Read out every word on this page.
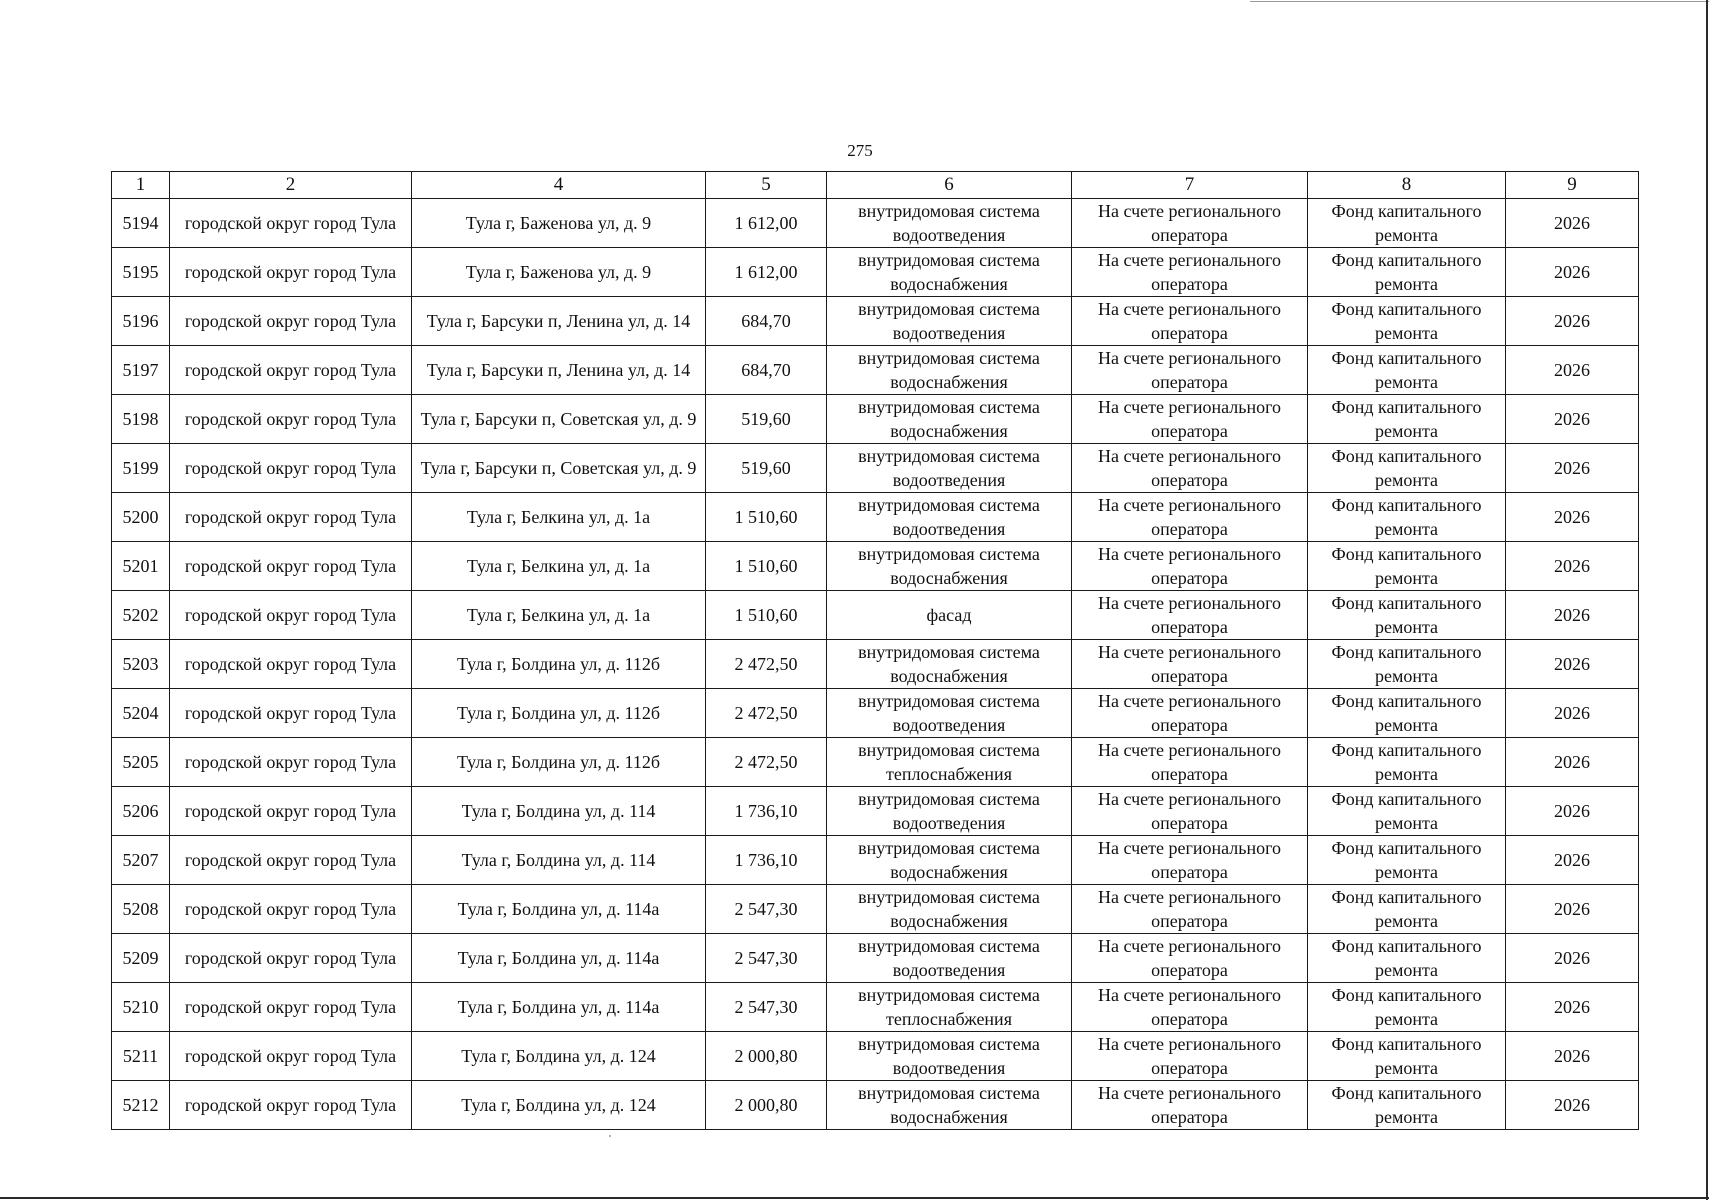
275
1	2	4	5	6	7	8	9
5194	городской округ город Тула	Тула г, Баженова ул, д. 9	1 612,00	внутридомовая система водоотведения	На счете регионального оператора	Фонд капитального ремонта	2026
5195	городской округ город Тула	Тула г, Баженова ул, д. 9	1 612,00	внутридомовая система водоснабжения	На счете регионального оператора	Фонд капитального ремонта	2026
5196	городской округ город Тула	Тула г, Барсуки п, Ленина ул, д. 14	684,70	внутридомовая система водоотведения	На счете регионального оператора	Фонд капитального ремонта	2026
5197	городской округ город Тула	Тула г, Барсуки п, Ленина ул, д. 14	684,70	внутридомовая система водоснабжения	На счете регионального оператора	Фонд капитального ремонта	2026
5198	городской округ город Тула	Тула г, Барсуки п, Советская ул, д. 9	519,60	внутридомовая система водоснабжения	На счете регионального оператора	Фонд капитального ремонта	2026
5199	городской округ город Тула	Тула г, Барсуки п, Советская ул, д. 9	519,60	внутридомовая система водоотведения	На счете регионального оператора	Фонд капитального ремонта	2026
5200	городской округ город Тула	Тула г, Белкина ул, д. 1а	1 510,60	внутридомовая система водоотведения	На счете регионального оператора	Фонд капитального ремонта	2026
5201	городской округ город Тула	Тула г, Белкина ул, д. 1а	1 510,60	внутридомовая система водоснабжения	На счете регионального оператора	Фонд капитального ремонта	2026
5202	городской округ город Тула	Тула г, Белкина ул, д. 1а	1 510,60	фасад	На счете регионального оператора	Фонд капитального ремонта	2026
5203	городской округ город Тула	Тула г, Болдина ул, д. 112б	2 472,50	внутридомовая система водоснабжения	На счете регионального оператора	Фонд капитального ремонта	2026
5204	городской округ город Тула	Тула г, Болдина ул, д. 112б	2 472,50	внутридомовая система водоотведения	На счете регионального оператора	Фонд капитального ремонта	2026
5205	городской округ город Тула	Тула г, Болдина ул, д. 112б	2 472,50	внутридомовая система теплоснабжения	На счете регионального оператора	Фонд капитального ремонта	2026
5206	городской округ город Тула	Тула г, Болдина ул, д. 114	1 736,10	внутридомовая система водоотведения	На счете регионального оператора	Фонд капитального ремонта	2026
5207	городской округ город Тула	Тула г, Болдина ул, д. 114	1 736,10	внутридомовая система водоснабжения	На счете регионального оператора	Фонд капитального ремонта	2026
5208	городской округ город Тула	Тула г, Болдина ул, д. 114а	2 547,30	внутридомовая система водоснабжения	На счете регионального оператора	Фонд капитального ремонта	2026
5209	городской округ город Тула	Тула г, Болдина ул, д. 114а	2 547,30	внутридомовая система водоотведения	На счете регионального оператора	Фонд капитального ремонта	2026
5210	городской округ город Тула	Тула г, Болдина ул, д. 114а	2 547,30	внутридомовая система теплоснабжения	На счете регионального оператора	Фонд капитального ремонта	2026
5211	городской округ город Тула	Тула г, Болдина ул, д. 124	2 000,80	внутридомовая система водоотведения	На счете регионального оператора	Фонд капитального ремонта	2026
5212	городской округ город Тула	Тула г, Болдина ул, д. 124	2 000,80	внутридомовая система водоснабжения	На счете регионального оператора	Фонд капитального ремонта	2026
